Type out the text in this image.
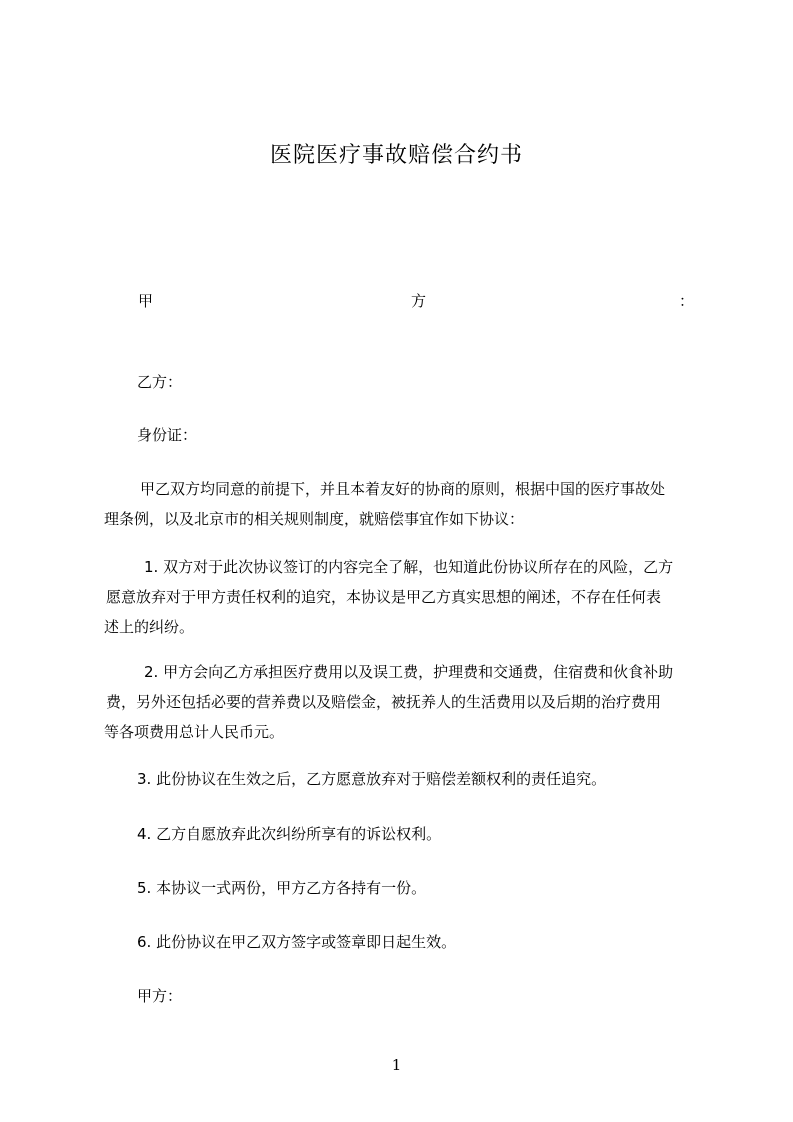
医院医疗事故赔偿合约书
甲	方	：
乙方：
身份证：
甲乙双方均同意的前提下，并且本着友好的协商的原则，根据中国的医疗事故处
理条例，以及北京市的相关规则制度，就赔偿事宜作如下协议：
1. 双方对于此次协议签订的内容完全了解，也知道此份协议所存在的风险，乙方
愿意放弃对于甲方责任权利的追究，本协议是甲乙方真实思想的阐述，不存在任何表
述上的纠纷。
2. 甲方会向乙方承担医疗费用以及误工费，护理费和交通费，住宿费和伙食补助
费，另外还包括必要的营养费以及赔偿金，被抚养人的生活费用以及后期的治疗费用
等各项费用总计人民币元。
3. 此份协议在生效之后，乙方愿意放弃对于赔偿差额权利的责任追究。
4. 乙方自愿放弃此次纠纷所享有的诉讼权利。
5. 本协议一式两份，甲方乙方各持有一份。
6. 此份协议在甲乙双方签字或签章即日起生效。
甲方：
1
